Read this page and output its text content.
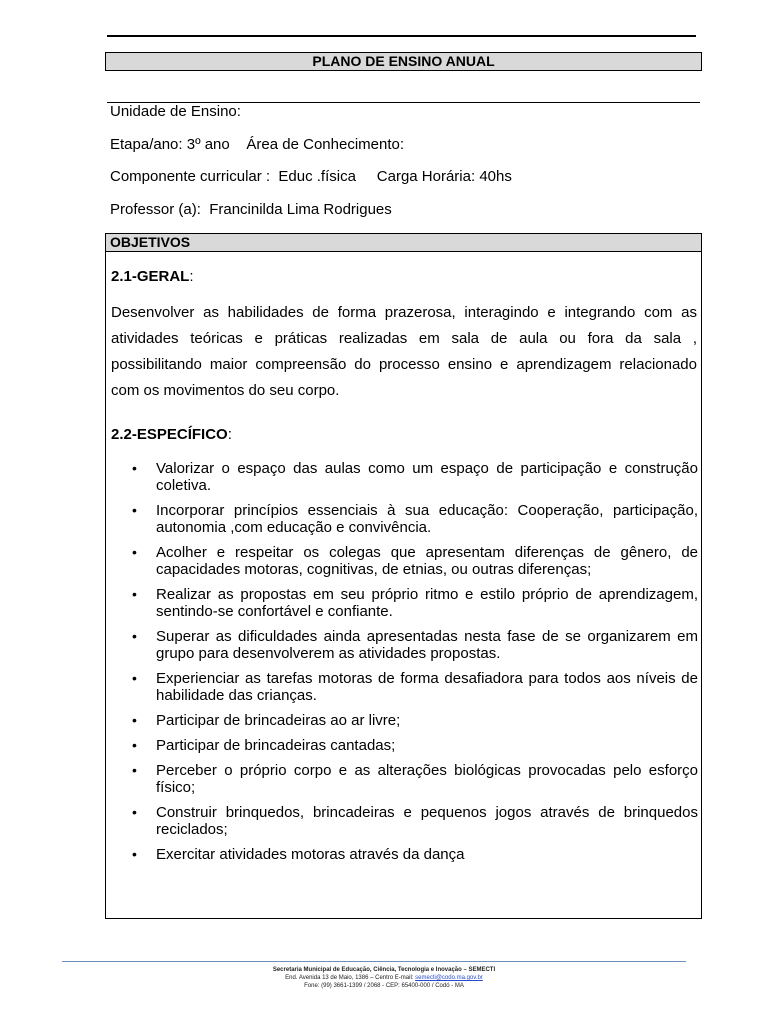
PLANO DE ENSINO ANUAL
Unidade de Ensino:
Etapa/ano: 3º ano    Área de Conhecimento:
Componente curricular :  Educ .física     Carga Horária: 40hs
Professor (a):  Francinilda Lima Rodrigues
OBJETIVOS
2.1-GERAL:
Desenvolver as habilidades de forma prazerosa, interagindo e integrando com as
atividades teóricas e práticas realizadas em sala de aula ou fora da sala ,
possibilitando maior compreensão do processo ensino e aprendizagem relacionado
com os movimentos do seu corpo.
2.2-ESPECÍFICO:
• Valorizar o espaço das aulas como um espaço de participação e construção coletiva.
• Incorporar princípios essenciais à sua educação: Cooperação, participação, autonomia ,com educação e convivência.
• Acolher e respeitar os colegas que apresentam diferenças de gênero, de capacidades motoras, cognitivas, de etnias, ou outras diferenças;
• Realizar as propostas em seu próprio ritmo e estilo próprio de aprendizagem, sentindo-se confortável e confiante.
• Superar as dificuldades ainda apresentadas nesta fase de se organizarem em grupo para desenvolverem as atividades propostas.
• Experienciar as tarefas motoras de forma desafiadora para todos aos níveis de habilidade das crianças.
• Participar de brincadeiras ao ar livre;
• Participar de brincadeiras cantadas;
• Perceber o próprio corpo e as alterações biológicas provocadas pelo esforço físico;
• Construir brinquedos, brincadeiras e pequenos jogos através de brinquedos reciclados;
• Exercitar atividades motoras através da dança
Secretaria Municipal de Educação, Ciência, Tecnologia e Inovação – SEMECTI
End. Avenida 13 de Maio, 1386 – Centro E-mail: semecti@codo.ma.gov.br
Fone: (99) 3661-1399 / 2068 - CEP: 65400-000 / Codó - MA
